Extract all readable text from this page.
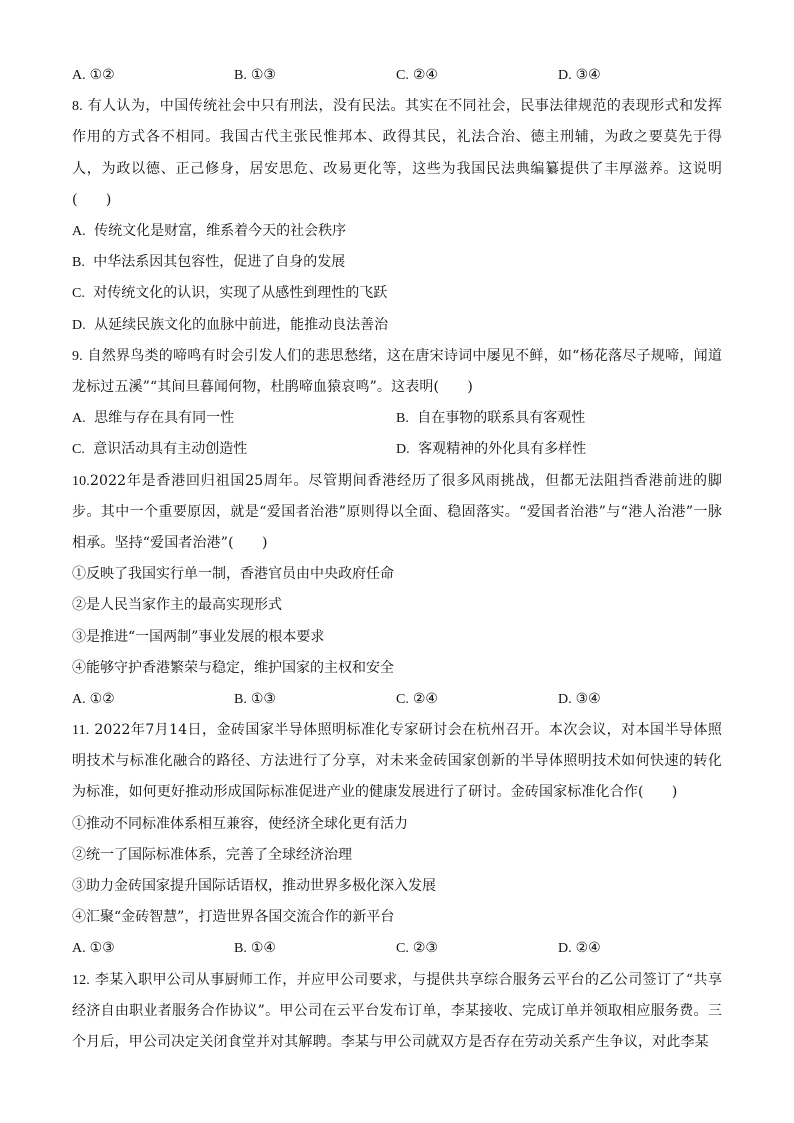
A. ①②	B. ①③	C. ②④	D. ③④
8. 有人认为，中国传统社会中只有刑法，没有民法。其实在不同社会，民事法律规范的表现形式和发挥作用的方式各不相同。我国古代主张民惟邦本、政得其民，礼法合治、德主刑辅，为政之要莫先于得人，为政以德、正己修身，居安思危、改易更化等，这些为我国民法典编纂提供了丰厚滋养。这说明(　　)
A. 传统文化是财富，维系着今天的社会秩序
B. 中华法系因其包容性，促进了自身的发展
C. 对传统文化的认识，实现了从感性到理性的飞跃
D. 从延续民族文化的血脉中前进，能推动良法善治
9. 自然界鸟类的啼鸣有时会引发人们的悲思愁绪，这在唐宋诗词中屡见不鲜，如“杨花落尽子规啼，闻道龙标过五溪”“其间旦暮闻何物，杜鹃啼血猿哀鸣”。这表明(　　)
A. 思维与存在具有同一性	B. 自在事物的联系具有客观性
C. 意识活动具有主动创造性	D. 客观精神的外化具有多样性
10.2022年是香港回归祖国25周年。尽管期间香港经历了很多风雨挑战，但都无法阻挡香港前进的脚步。其中一个重要原因，就是“爱国者治港”原则得以全面、稳固落实。“爱国者治港”与“港人治港”一脉相承。坚持“爱国者治港”(　　)
①反映了我国实行单一制，香港官员由中央政府任命
②是人民当家作主的最高实现形式
③是推进“一国两制”事业发展的根本要求
④能够守护香港繁荣与稳定，维护国家的主权和安全
A. ①②	B. ①③	C. ②④	D. ③④
11. 2022年7月14日，金砖国家半导体照明标准化专家研讨会在杭州召开。本次会议，对本国半导体照明技术与标准化融合的路径、方法进行了分享，对未来金砖国家创新的半导体照明技术如何快速的转化为标准，如何更好推动形成国际标准促进产业的健康发展进行了研讨。金砖国家标准化合作(　　)
①推动不同标准体系相互兼容，使经济全球化更有活力
②统一了国际标准体系，完善了全球经济治理
③助力金砖国家提升国际话语权，推动世界多极化深入发展
④汇聚“金砖智慧”，打造世界各国交流合作的新平台
A. ①③	B. ①④	C. ②③	D. ②④
12. 李某入职甲公司从事厨师工作，并应甲公司要求，与提供共享综合服务云平台的乙公司签订了“共享经济自由职业者服务合作协议”。甲公司在云平台发布订单，李某接收、完成订单并领取相应服务费。三个月后，甲公司决定关闭食堂并对其解聘。李某与甲公司就双方是否存在劳动关系产生争议，对此李某
